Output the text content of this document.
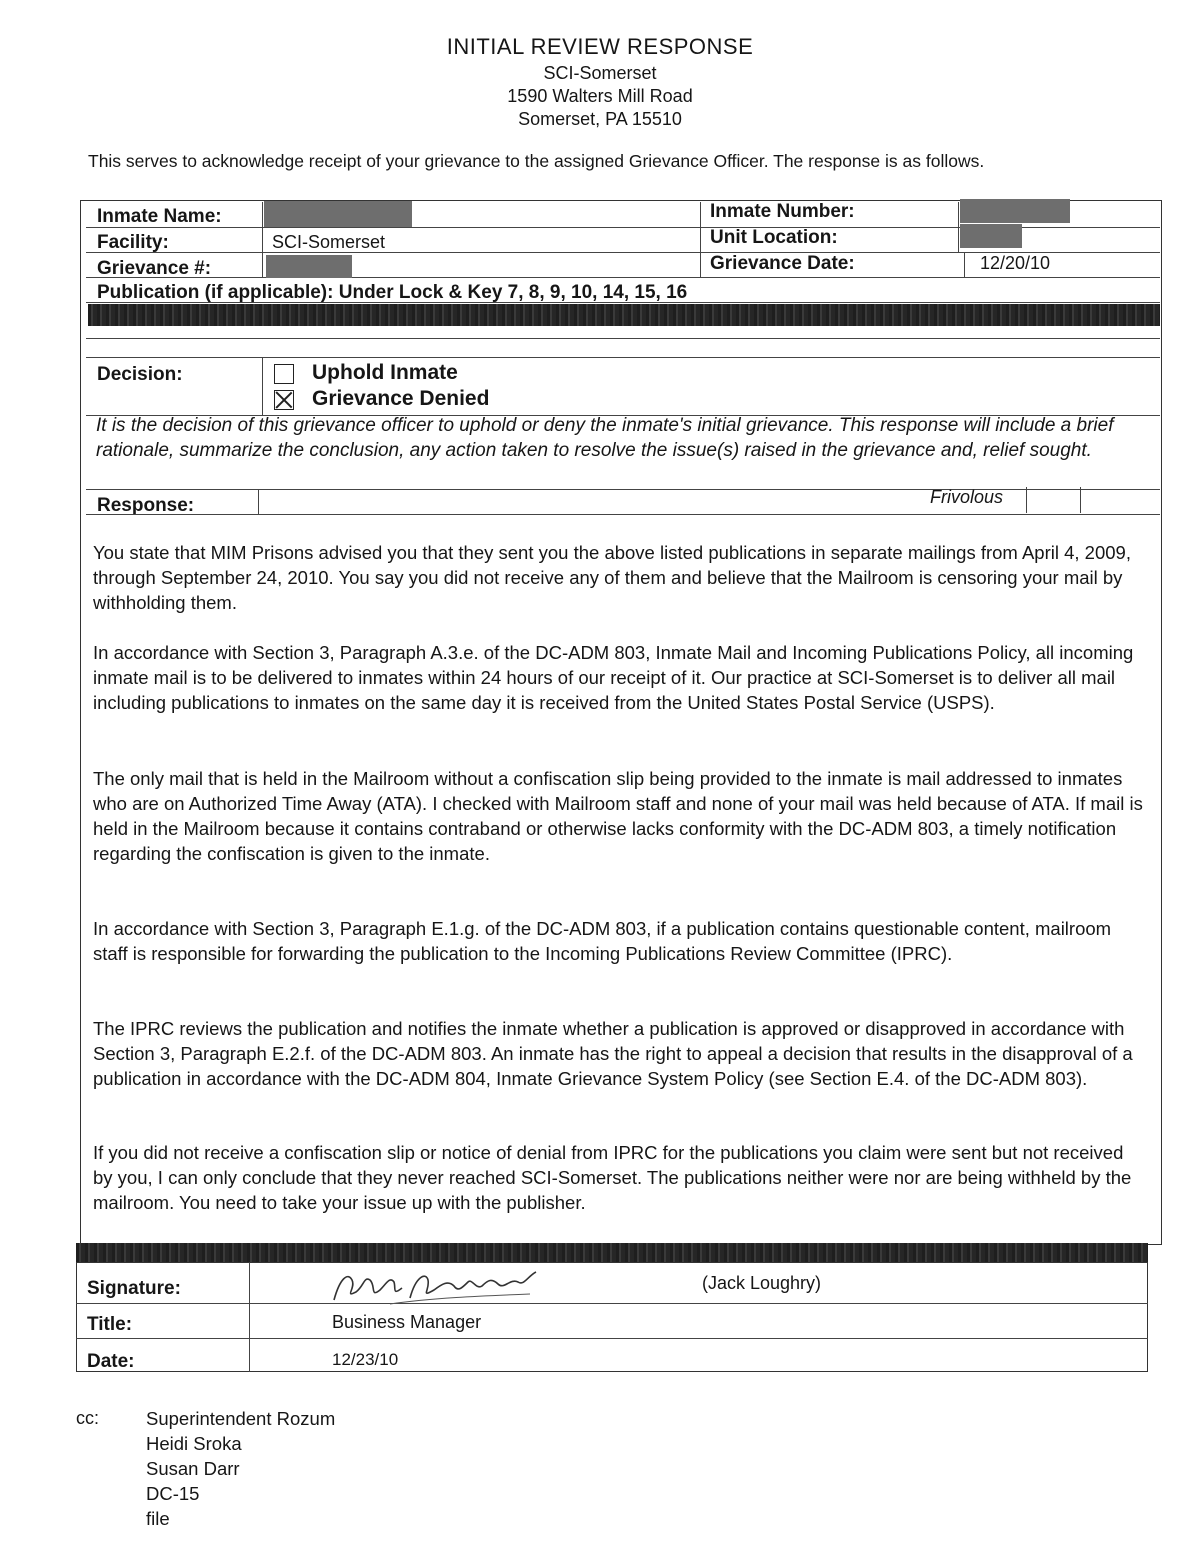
INITIAL REVIEW RESPONSE
SCI-Somerset
1590 Walters Mill Road
Somerset, PA 15510
This serves to acknowledge receipt of your grievance to the assigned Grievance Officer. The response is as follows.
Inmate Name:	Inmate Number:
Facility:	SCI-Somerset	Unit Location:
Grievance #:	Grievance Date:	12/20/10
Publication (if applicable): Under Lock & Key 7, 8, 9, 10, 14, 15, 16
Decision:	Uphold Inmate
Grievance Denied
It is the decision of this grievance officer to uphold or deny the inmate's initial grievance. This response will include a brief rationale, summarize the conclusion, any action taken to resolve the issue(s) raised in the grievance and, relief sought.
Response:	Frivolous
You state that MIM Prisons advised you that they sent you the above listed publications in separate mailings from April 4, 2009, through September 24, 2010. You say you did not receive any of them and believe that the Mailroom is censoring your mail by withholding them.
In accordance with Section 3, Paragraph A.3.e. of the DC-ADM 803, Inmate Mail and Incoming Publications Policy, all incoming inmate mail is to be delivered to inmates within 24 hours of our receipt of it. Our practice at SCI-Somerset is to deliver all mail including publications to inmates on the same day it is received from the United States Postal Service (USPS).
The only mail that is held in the Mailroom without a confiscation slip being provided to the inmate is mail addressed to inmates who are on Authorized Time Away (ATA). I checked with Mailroom staff and none of your mail was held because of ATA. If mail is held in the Mailroom because it contains contraband or otherwise lacks conformity with the DC-ADM 803, a timely notification regarding the confiscation is given to the inmate.
In accordance with Section 3, Paragraph E.1.g. of the DC-ADM 803, if a publication contains questionable content, mailroom staff is responsible for forwarding the publication to the Incoming Publications Review Committee (IPRC).
The IPRC reviews the publication and notifies the inmate whether a publication is approved or disapproved in accordance with Section 3, Paragraph E.2.f. of the DC-ADM 803. An inmate has the right to appeal a decision that results in the disapproval of a publication in accordance with the DC-ADM 804, Inmate Grievance System Policy (see Section E.4. of the DC-ADM 803).
If you did not receive a confiscation slip or notice of denial from IPRC for the publications you claim were sent but not received by you, I can only conclude that they never reached SCI-Somerset. The publications neither were nor are being withheld by the mailroom. You need to take your issue up with the publisher.
Signature:	(Jack Loughry)
Title:	Business Manager
Date:	12/23/10
cc:	Superintendent Rozum
Heidi Sroka
Susan Darr
DC-15
file
